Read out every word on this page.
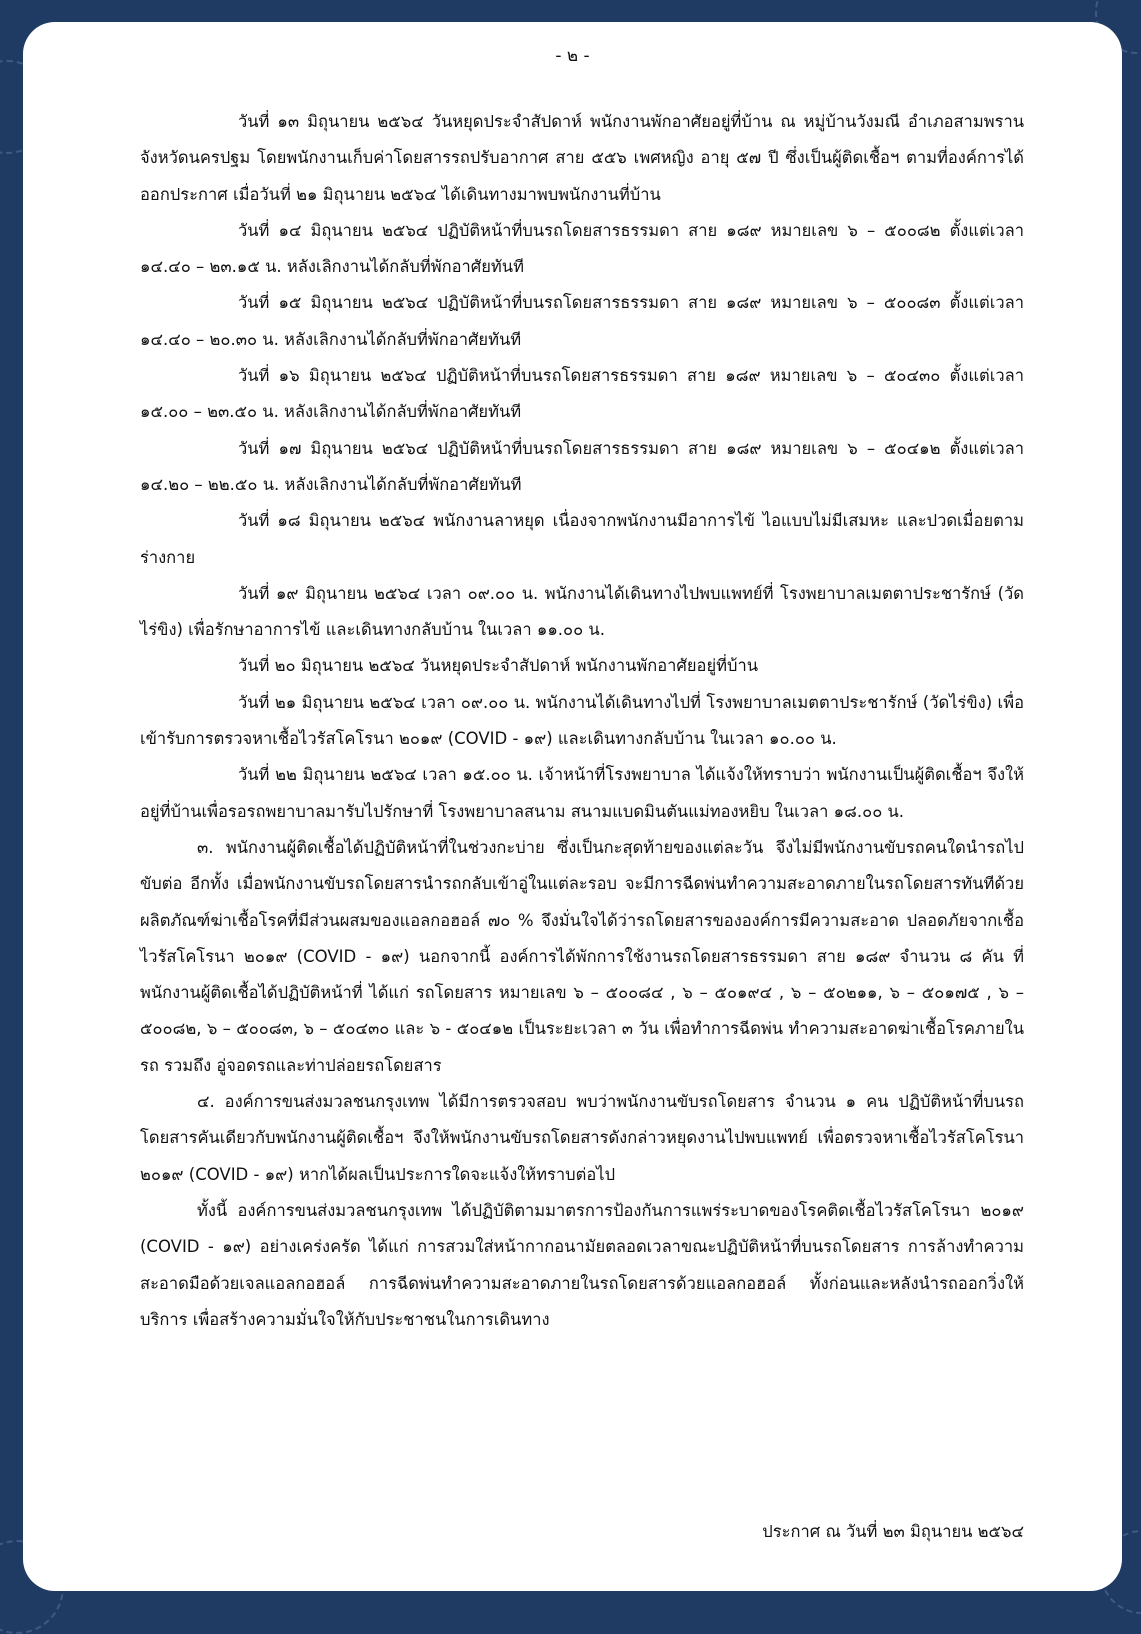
- ๒ -

วันที่ ๑๓ มิถุนายน ๒๕๖๔ วันหยุดประจำสัปดาห์ พนักงานพักอาศัยอยู่ที่บ้าน ณ หมู่บ้านวังมณี อำเภอสามพราน จังหวัดนครปฐม โดยพนักงานเก็บค่าโดยสารรถปรับอากาศ สาย ๕๕๖ เพศหญิง อายุ ๕๗ ปี ซึ่งเป็นผู้ติดเชื้อฯ ตามที่องค์การได้ออกประกาศ เมื่อวันที่ ๒๑ มิถุนายน ๒๕๖๔ ได้เดินทางมาพบพนักงานที่บ้าน

วันที่ ๑๔ มิถุนายน ๒๕๖๔ ปฏิบัติหน้าที่บนรถโดยสารธรรมดา สาย ๑๘๙ หมายเลข ๖ – ๕๐๐๘๒ ตั้งแต่เวลา ๑๔.๔๐ – ๒๓.๑๕ น. หลังเลิกงานได้กลับที่พักอาศัยทันที

วันที่ ๑๕ มิถุนายน ๒๕๖๔ ปฏิบัติหน้าที่บนรถโดยสารธรรมดา สาย ๑๘๙ หมายเลข ๖ – ๕๐๐๘๓ ตั้งแต่เวลา ๑๔.๔๐ – ๒๐.๓๐ น. หลังเลิกงานได้กลับที่พักอาศัยทันที

วันที่ ๑๖ มิถุนายน ๒๕๖๔ ปฏิบัติหน้าที่บนรถโดยสารธรรมดา สาย ๑๘๙ หมายเลข ๖ – ๕๐๔๓๐ ตั้งแต่เวลา ๑๕.๐๐ – ๒๓.๕๐ น. หลังเลิกงานได้กลับที่พักอาศัยทันที

วันที่ ๑๗ มิถุนายน ๒๕๖๔ ปฏิบัติหน้าที่บนรถโดยสารธรรมดา สาย ๑๘๙ หมายเลข ๖ – ๕๐๔๑๒ ตั้งแต่เวลา ๑๔.๒๐ – ๒๒.๕๐ น. หลังเลิกงานได้กลับที่พักอาศัยทันที

วันที่ ๑๘ มิถุนายน ๒๕๖๔ พนักงานลาหยุด เนื่องจากพนักงานมีอาการไข้ ไอแบบไม่มีเสมหะ และปวดเมื่อยตามร่างกาย

วันที่ ๑๙ มิถุนายน ๒๕๖๔ เวลา ๐๙.๐๐ น. พนักงานได้เดินทางไปพบแพทย์ที่ โรงพยาบาลเมตตาประชารักษ์ (วัดไร่ขิง) เพื่อรักษาอาการไข้ และเดินทางกลับบ้าน ในเวลา ๑๑.๐๐ น.

วันที่ ๒๐ มิถุนายน ๒๕๖๔ วันหยุดประจำสัปดาห์ พนักงานพักอาศัยอยู่ที่บ้าน

วันที่ ๒๑ มิถุนายน ๒๕๖๔ เวลา ๐๙.๐๐ น. พนักงานได้เดินทางไปที่ โรงพยาบาลเมตตาประชารักษ์ (วัดไร่ขิง) เพื่อเข้ารับการตรวจหาเชื้อไวรัสโคโรนา ๒๐๑๙ (COVID - ๑๙) และเดินทางกลับบ้าน ในเวลา ๑๐.๐๐ น.

วันที่ ๒๒ มิถุนายน ๒๕๖๔ เวลา ๑๕.๐๐ น. เจ้าหน้าที่โรงพยาบาล ได้แจ้งให้ทราบว่า พนักงานเป็นผู้ติดเชื้อฯ จึงให้อยู่ที่บ้านเพื่อรอรถพยาบาลมารับไปรักษาที่ โรงพยาบาลสนาม สนามแบดมินตันแม่ทองหยิบ ในเวลา ๑๘.๐๐ น.

๓. พนักงานผู้ติดเชื้อได้ปฏิบัติหน้าที่ในช่วงกะบ่าย ซึ่งเป็นกะสุดท้ายของแต่ละวัน จึงไม่มีพนักงานขับรถคนใดนำรถไปขับต่อ อีกทั้ง เมื่อพนักงานขับรถโดยสารนำรถกลับเข้าอู่ในแต่ละรอบ จะมีการฉีดพ่นทำความสะอาดภายในรถโดยสารทันทีด้วยผลิตภัณฑ์ฆ่าเชื้อโรคที่มีส่วนผสมของแอลกอฮอล์ ๗๐ % จึงมั่นใจได้ว่ารถโดยสารขององค์การมีความสะอาด ปลอดภัยจากเชื้อไวรัสโคโรนา ๒๐๑๙ (COVID - ๑๙) นอกจากนี้ องค์การได้พักการใช้งานรถโดยสารธรรมดา สาย ๑๘๙ จำนวน ๘ คัน ที่พนักงานผู้ติดเชื้อได้ปฏิบัติหน้าที่ ได้แก่ รถโดยสาร หมายเลข ๖ – ๕๐๐๘๔ , ๖ – ๕๐๑๙๔ , ๖ – ๕๐๒๑๑, ๖ – ๕๐๑๗๕ , ๖ – ๕๐๐๘๒, ๖ – ๕๐๐๘๓, ๖ – ๕๐๔๓๐ และ ๖ - ๕๐๔๑๒ เป็นระยะเวลา ๓ วัน เพื่อทำการฉีดพ่น ทำความสะอาดฆ่าเชื้อโรคภายในรถ รวมถึง อู่จอดรถและท่าปล่อยรถโดยสาร

๔. องค์การขนส่งมวลชนกรุงเทพ ได้มีการตรวจสอบ พบว่าพนักงานขับรถโดยสาร จำนวน ๑ คน ปฏิบัติหน้าที่บนรถโดยสารคันเดียวกับพนักงานผู้ติดเชื้อฯ จึงให้พนักงานขับรถโดยสารดังกล่าวหยุดงานไปพบแพทย์ เพื่อตรวจหาเชื้อไวรัสโคโรนา ๒๐๑๙ (COVID - ๑๙) หากได้ผลเป็นประการใดจะแจ้งให้ทราบต่อไป

ทั้งนี้ องค์การขนส่งมวลชนกรุงเทพ ได้ปฏิบัติตามมาตรการป้องกันการแพร่ระบาดของโรคติดเชื้อไวรัสโคโรนา ๒๐๑๙ (COVID - ๑๙) อย่างเคร่งครัด ได้แก่ การสวมใส่หน้ากากอนามัยตลอดเวลาขณะปฏิบัติหน้าที่บนรถโดยสาร การล้างทำความสะอาดมือด้วยเจลแอลกอฮอล์ การฉีดพ่นทำความสะอาดภายในรถโดยสารด้วยแอลกอฮอล์ ทั้งก่อนและหลังนำรถออกวิ่งให้บริการ เพื่อสร้างความมั่นใจให้กับประชาชนในการเดินทาง

ประกาศ ณ วันที่ ๒๓ มิถุนายน ๒๕๖๔
